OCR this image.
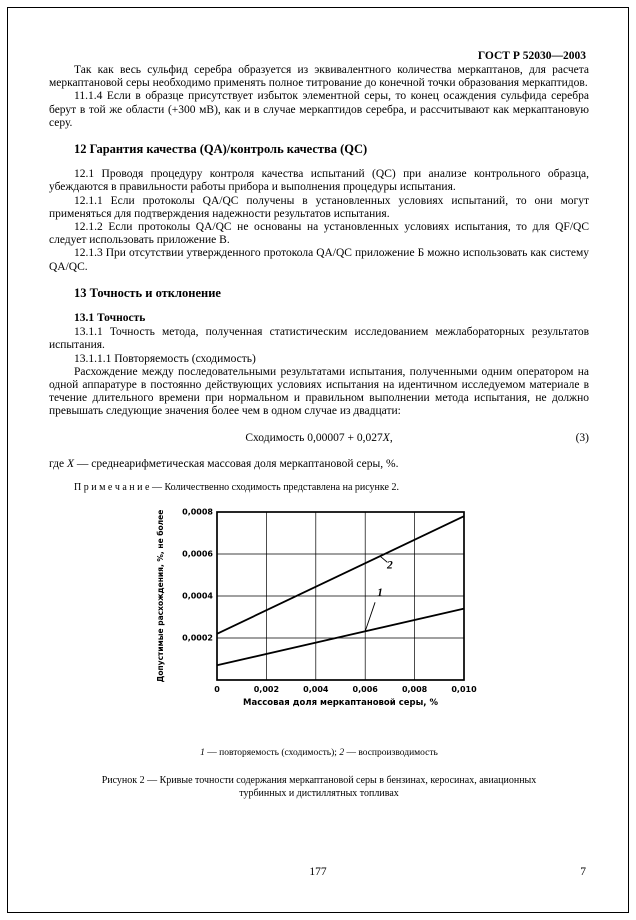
ГОСТ Р 52030—2003

Так как весь сульфид серебра образуется из эквивалентного количества меркаптанов, для расчета меркаптановой серы необходимо применять полное титрование до конечной точки образования меркаптидов.

11.1.4 Если в образце присутствует избыток элементной серы, то конец осаждения сульфида серебра берут в той же области (+300 мВ), как и в случае меркаптидов серебра, и рассчитывают как меркаптановую серу.

12 Гарантия качества (QA)/контроль качества (QC)

12.1 Проводя процедуру контроля качества испытаний (QC) при анализе контрольного образца, убеждаются в правильности работы прибора и выполнения процедуры испытания.

12.1.1 Если протоколы QA/QC получены в установленных условиях испытаний, то они могут применяться для подтверждения надежности результатов испытания.

12.1.2 Если протоколы QA/QC не основаны на установленных условиях испытания, то для QF/QC следует использовать приложение В.

12.1.3 При отсутствии утвержденного протокола QA/QC приложение Б можно использовать как систему QA/QC.

13 Точность и отклонение
13.1 Точность

13.1.1 Точность метода, полученная статистическим исследованием межлабораторных результатов испытания.

13.1.1.1 Повторяемость (сходимость)

Расхождение между последовательными результатами испытания, полученными одним оператором на одной аппаратуре в постоянно действующих условиях испытания на идентичном исследуемом материале в течение длительного времени при нормальном и правильном выполнении метода испытания, не должно превышать следующие значения более чем в одном случае из двадцати:

Сходимость 0,00007 + 0,027X,	(3)

где X — среднеарифметическая массовая доля меркаптановой серы, %.

П р и м е ч а н и е — Количественно сходимость представлена на рисунке 2.
1
2
0	0,002	0,004	0,006	0,008	0,010
0,0002
0,0004
0,0006
0,0008
Массовая доля меркаптановой серы, %
Допустимые расхождения, %, не более
1 — повторяемость (сходимость); 2 — воспроизводимость
Рисунок 2 — Кривые точности содержания меркаптановой серы в бензинах, керосинах, авиационных турбинных и дистиллятных топливах
177	7
